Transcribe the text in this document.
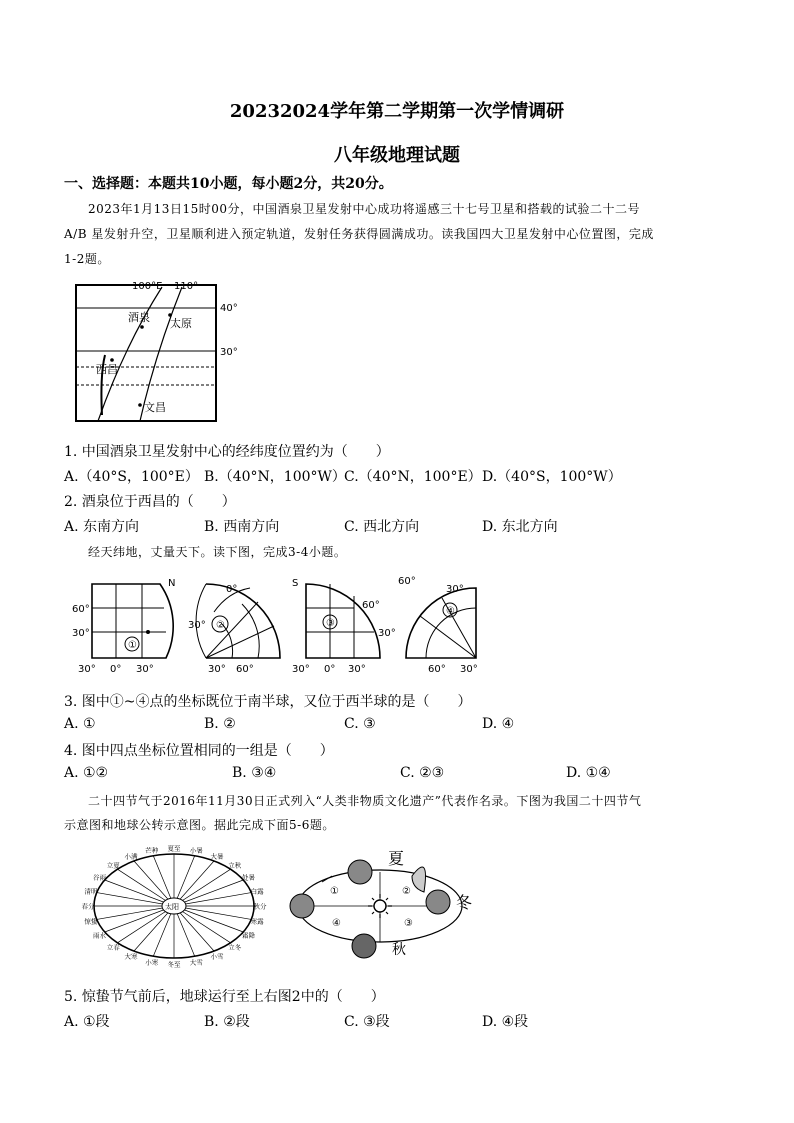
20232024学年第二学期第一次学情调研
八年级地理试题
一、选择题：本题共10小题，每小题2分，共20分。
2023年1月13日15时00分，中国酒泉卫星发射中心成功将遥感三十七号卫星和搭载的试验二十二号
A/B 星发射升空，卫星顺利进入预定轨道，发射任务获得圆满成功。读我国四大卫星发射中心位置图，完成
1-2题。
100°E 110°
40°
30°
酒泉 太原
西昌
文昌
1. 中国酒泉卫星发射中心的经纬度位置约为（　　）
A.（40°S，100°E） B.（40°N，100°W）
C.（40°N，100°E） D.（40°S，100°W）
2. 酒泉位于西昌的（　　）
A. 东南方向	B. 西南方向	C. 西北方向	D. 东北方向
经天纬地，丈量天下。读下图，完成3-4小题。
①
N
60°
30°
30° 0° 30°
②
0°
30°
30° 60°
③
S
60°
30°
30° 0° 30°
④
60°
30°
60° 30°
3. 图中①~④点的坐标既位于南半球，又位于西半球的是（　　）
A. ①	B. ②	C. ③	D. ④
4. 图中四点坐标位置相同的一组是（　　）
A. ①②	B. ③④	C. ②③	D. ①④
二十四节气于2016年11月30日正式列入“人类非物质文化遗产”代表作名录。下图为我国二十四节气
示意图和地球公转示意图。据此完成下面5-6题。
太阳
夏至 小暑
大暑
立秋
处暑
白露
秋分
寒露
霜降
立冬
小雪
大雪
冬至
小寒
大寒
立春
雨水
惊蛰
春分
清明
谷雨
立夏
小满
芒种	夏
冬
秋
①	②
③
④
5. 惊蛰节气前后，地球运行至上右图2中的（　　）
A. ①段	B. ②段	C. ③段	D. ④段
